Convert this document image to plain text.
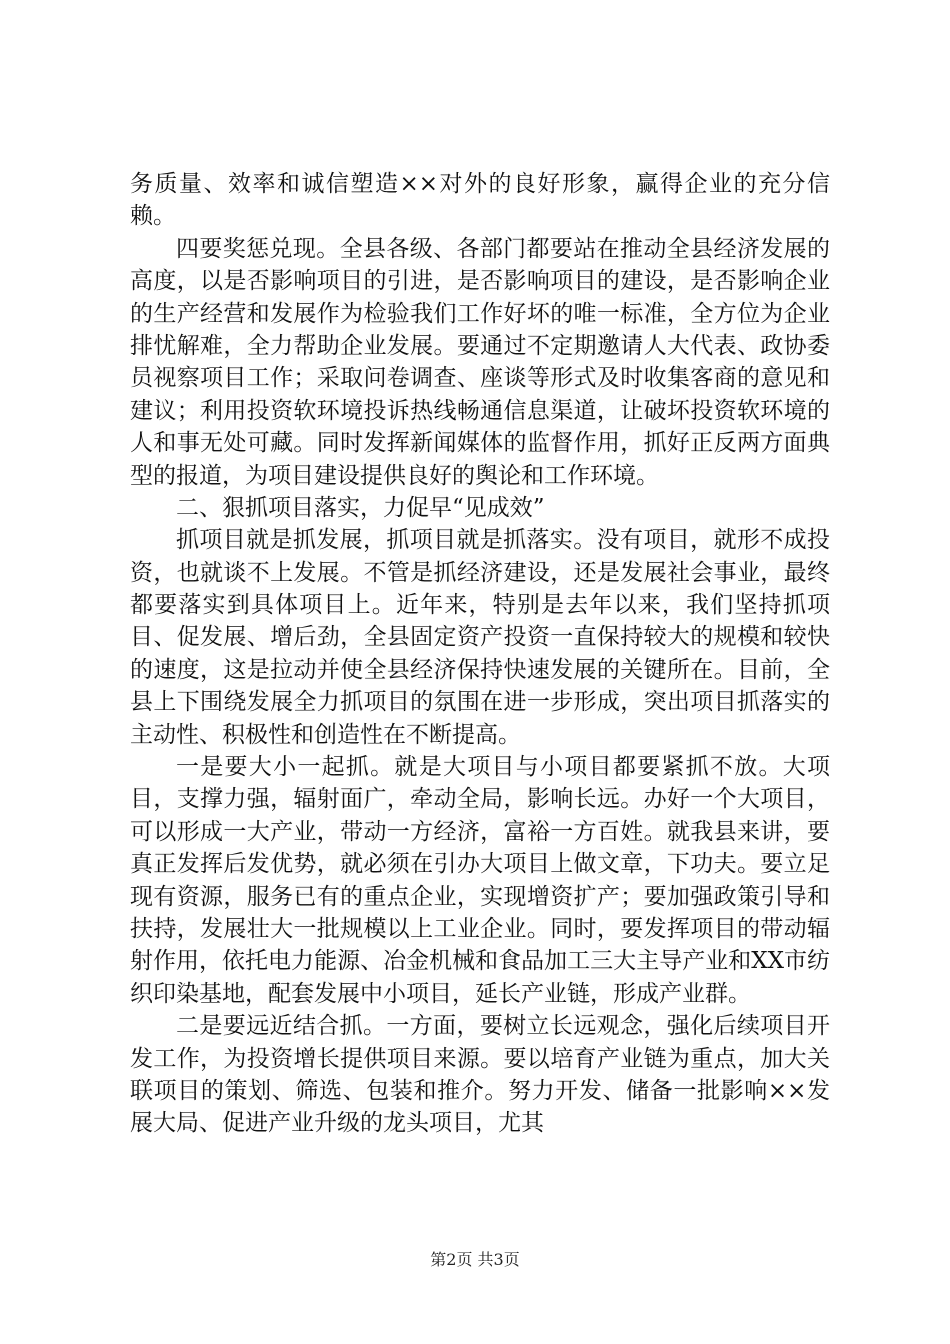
务质量、效率和诚信塑造××对外的良好形象，赢得企业的充分信赖。

四要奖惩兑现。全县各级、各部门都要站在推动全县经济发展的高度，以是否影响项目的引进，是否影响项目的建设，是否影响企业的生产经营和发展作为检验我们工作好坏的唯一标准，全方位为企业排忧解难，全力帮助企业发展。要通过不定期邀请人大代表、政协委员视察项目工作；采取问卷调查、座谈等形式及时收集客商的意见和建议；利用投资软环境投诉热线畅通信息渠道，让破坏投资软环境的人和事无处可藏。同时发挥新闻媒体的监督作用，抓好正反两方面典型的报道，为项目建设提供良好的舆论和工作环境。

二、狠抓项目落实，力促早“见成效”

抓项目就是抓发展，抓项目就是抓落实。没有项目，就形不成投资，也就谈不上发展。不管是抓经济建设，还是发展社会事业，最终都要落实到具体项目上。近年来，特别是去年以来，我们坚持抓项目、促发展、增后劲，全县固定资产投资一直保持较大的规模和较快的速度，这是拉动并使全县经济保持快速发展的关键所在。目前，全县上下围绕发展全力抓项目的氛围在进一步形成，突出项目抓落实的主动性、积极性和创造性在不断提高。

一是要大小一起抓。就是大项目与小项目都要紧抓不放。大项目，支撑力强，辐射面广，牵动全局，影响长远。办好一个大项目，可以形成一大产业，带动一方经济，富裕一方百姓。就我县来讲，要真正发挥后发优势，就必须在引办大项目上做文章，下功夫。要立足现有资源，服务已有的重点企业，实现增资扩产；要加强政策引导和扶持，发展壮大一批规模以上工业企业。同时，要发挥项目的带动辐射作用，依托电力能源、冶金机械和食品加工三大主导产业和XX市纺织印染基地，配套发展中小项目，延长产业链，形成产业群。

二是要远近结合抓。一方面，要树立长远观念，强化后续项目开发工作，为投资增长提供项目来源。要以培育产业链为重点，加大关联项目的策划、筛选、包装和推介。努力开发、储备一批影响××发展大局、促进产业升级的龙头项目，尤其

第2页 共3页
